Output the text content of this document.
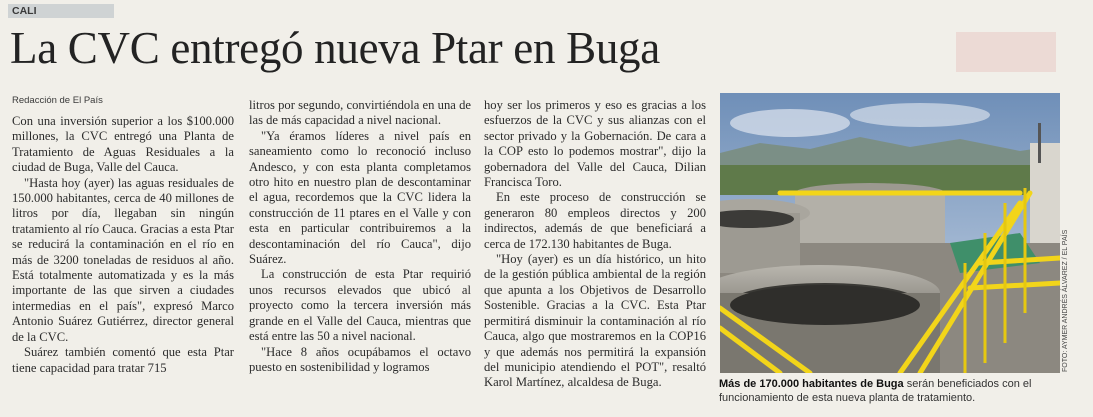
CALI
La CVC entregó nueva Ptar en Buga
Redacción de El País

Con una inversión superior a los $100.000 millones, la CVC entregó una Planta de Tratamiento de Aguas Residuales a la ciudad de Buga, Valle del Cauca.

"Hasta hoy (ayer) las aguas residuales de 150.000 habitantes, cerca de 40 millones de litros por día, llegaban sin ningún tratamiento al río Cauca. Gracias a esta Ptar se reducirá la contaminación en el río en más de 3200 toneladas de residuos al año. Está totalmente automatizada y es la más importante de las que sirven a ciudades intermedias en el país", expresó Marco Antonio Suárez Gutiérrez, director general de la CVC.

Suárez también comentó que esta Ptar tiene capacidad para tratar 715

litros por segundo, convirtiéndola en una de las de más capacidad a nivel nacional.

"Ya éramos líderes a nivel país en saneamiento como lo reconoció incluso Andesco, y con esta planta completamos otro hito en nuestro plan de descontaminar el agua, recordemos que la CVC lidera la construcción de 11 ptares en el Valle y con esta en particular contribuiremos a la descontaminación del río Cauca", dijo Suárez.

La construcción de esta Ptar requirió unos recursos elevados que ubicó al proyecto como la tercera inversión más grande en el Valle del Cauca, mientras que está entre las 50 a nivel nacional.

"Hace 8 años ocupábamos el octavo puesto en sostenibilidad y logramos

hoy ser los primeros y eso es gracias a los esfuerzos de la CVC y sus alianzas con el sector privado y la Gobernación. De cara a la COP esto lo podemos mostrar", dijo la gobernadora del Valle del Cauca, Dilian Francisca Toro.

En este proceso de construcción se generaron 80 empleos directos y 200 indirectos, además de que beneficiará a cerca de 172.130 habitantes de Buga.

"Hoy (ayer) es un día histórico, un hito de la gestión pública ambiental de la región que apunta a los Objetivos de Desarrollo Sostenible. Gracias a la CVC. Esta Ptar permitirá disminuir la contaminación al río Cauca, algo que mostraremos en la COP16 y que además nos permitirá la expansión del municipio atendiendo el POT", resaltó Karol Martínez, alcaldesa de Buga.

FOTO: AYMER ANDRÉS ÁLVAREZ / EL PAÍS
Más de 170.000 habitantes de Buga serán beneficiados con el funcionamiento de esta nueva planta de tratamiento.
